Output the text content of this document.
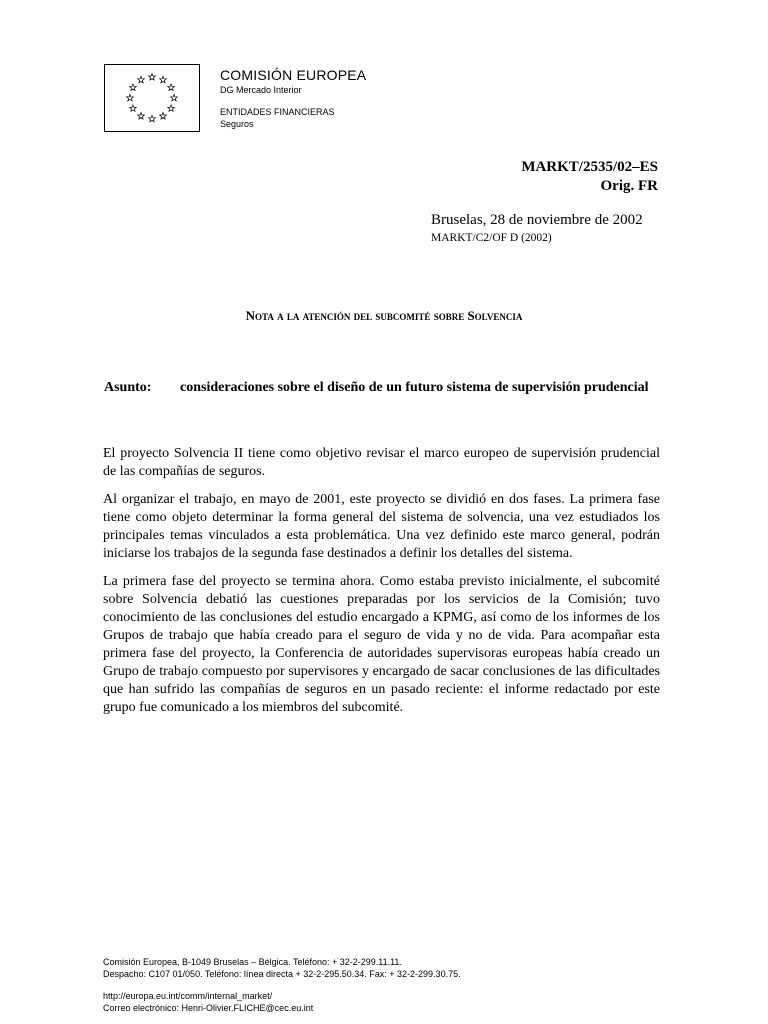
COMISIÓN EUROPEA
DG Mercado Interior
ENTIDADES FINANCIERAS
Seguros
MARKT/2535/02–ES
Orig. FR
Bruselas, 28 de noviembre de 2002
MARKT/C2/OF D (2002)
Nota a la atención del subcomité sobre Solvencia
Asunto: consideraciones sobre el diseño de un futuro sistema de supervisión prudencial

El proyecto Solvencia II tiene como objetivo revisar el marco europeo de supervisión prudencial de las compañías de seguros.

Al organizar el trabajo, en mayo de 2001, este proyecto se dividió en dos fases. La primera fase tiene como objeto determinar la forma general del sistema de solvencia, una vez estudiados los principales temas vinculados a esta problemática. Una vez definido este marco general, podrán iniciarse los trabajos de la segunda fase destinados a definir los detalles del sistema.

La primera fase del proyecto se termina ahora. Como estaba previsto inicialmente, el subcomité sobre Solvencia debatió las cuestiones preparadas por los servicios de la Comisión; tuvo conocimiento de las conclusiones del estudio encargado a KPMG, así como de los informes de los Grupos de trabajo que había creado para el seguro de vida y no de vida. Para acompañar esta primera fase del proyecto, la Conferencia de autoridades supervisoras europeas había creado un Grupo de trabajo compuesto por supervisores y encargado de sacar conclusiones de las dificultades que han sufrido las compañías de seguros en un pasado reciente: el informe redactado por este grupo fue comunicado a los miembros del subcomité.

Comisión Europea, B-1049 Bruselas – Bélgica. Teléfono: + 32-2-299.11.11.
Despacho: C107 01/050. Teléfono: línea directa + 32-2-295.50.34. Fax: + 32-2-299.30.75.
http://europa.eu.int/comm/internal_market/
Correo electrónico: Henri-Olivier.FLICHE@cec.eu.int
